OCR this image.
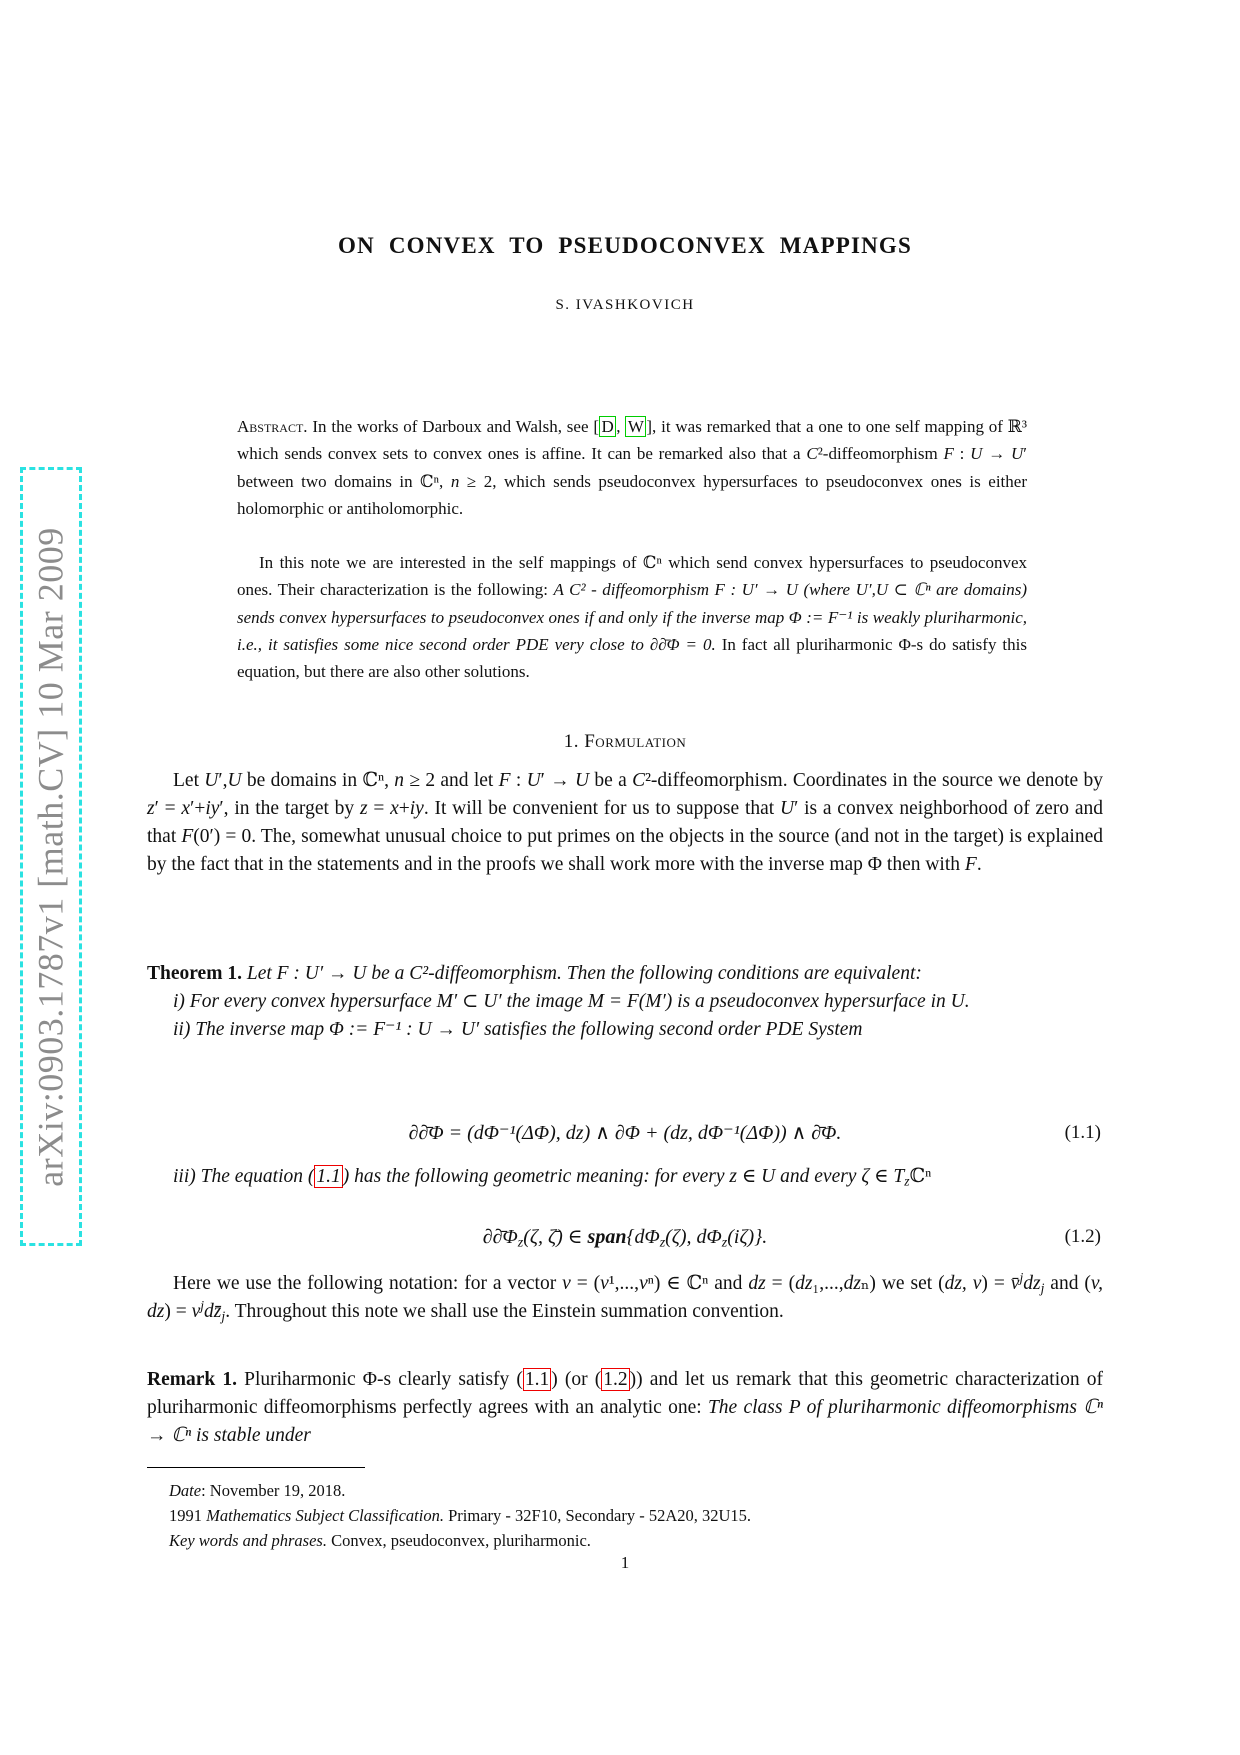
arXiv:0903.1787v1 [math.CV] 10 Mar 2009
ON CONVEX TO PSEUDOCONVEX MAPPINGS
S. IVASHKOVICH
Abstract. In the works of Darboux and Walsh, see [ D , W ], it was remarked that a one to one self mapping of ℝ³ which sends convex sets to convex ones is affine. It can be remarked also that a C²-diffeomorphism F : U → U′ between two domains in ℂⁿ, n ≥ 2, which sends pseudoconvex hypersurfaces to pseudoconvex ones is either holomorphic or antiholomorphic.
In this note we are interested in the self mappings of ℂⁿ which send convex hypersurfaces to pseudoconvex ones. Their characterization is the following: A C² - diffeomorphism F : U′ → U (where U′,U ⊂ ℂⁿ are domains) sends convex hypersurfaces to pseudoconvex ones if and only if the inverse map Φ := F⁻¹ is weakly pluriharmonic, i.e., it satisfies some nice second order PDE very close to ∂∂̄Φ = 0. In fact all pluriharmonic Φ-s do satisfy this equation, but there are also other solutions.
1. Formulation
Let U′,U be domains in ℂⁿ, n ≥ 2 and let F : U′ → U be a C²-diffeomorphism. Coordinates in the source we denote by z′ = x′+iy′, in the target by z = x+iy. It will be convenient for us to suppose that U′ is a convex neighborhood of zero and that F(0′) = 0. The, somewhat unusual choice to put primes on the objects in the source (and not in the target) is explained by the fact that in the statements and in the proofs we shall work more with the inverse map Φ then with F.
Theorem 1. Let F : U′ → U be a C²-diffeomorphism. Then the following conditions are equivalent:
i) For every convex hypersurface M′ ⊂ U′ the image M = F(M′) is a pseudoconvex hypersurface in U.
ii) The inverse map Φ := F⁻¹ : U → U′ satisfies the following second order PDE System
∂∂̄Φ = (dΦ⁻¹(ΔΦ), dz) ∧ ∂Φ + (dz, dΦ⁻¹(ΔΦ)) ∧ ∂̄Φ.	(1.1)
iii) The equation ( 1.1 ) has the following geometric meaning: for every z ∈ U and every ζ ∈ $T_zℂ^n$
$\partial\partial̄\Phi_z(\zeta$, ζ̄) ∈ $span\{d\Phi_z(\zeta)$, $d\Phi_z(i\zeta)$}.	(1.2)
Here we use the following notation: for a vector v = (v¹,...,vⁿ) ∈ ℂⁿ and dz = (dz₁,...,dzₙ) we set (dz, $v) = v̄^jdz_j$ and (v, $dz) = v^jdz̄_j$. Throughout this note we shall use the Einstein summation convention.
Remark 1. Pluriharmonic Φ-s clearly satisfy ( 1.1 ) (or ( 1.2 )) and let us remark that this geometric characterization of pluriharmonic diffeomorphisms perfectly agrees with an analytic one: The class P of pluriharmonic diffeomorphisms ℂⁿ → ℂⁿ is stable under
Date: November 19, 2018.
1991 Mathematics Subject Classification. Primary - 32F10, Secondary - 52A20, 32U15.
Key words and phrases. Convex, pseudoconvex, pluriharmonic.
1
